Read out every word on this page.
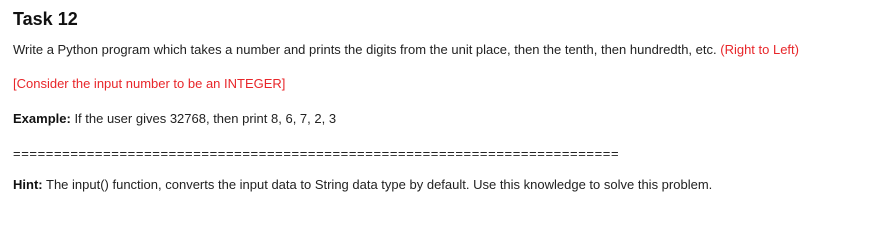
Task 12
Write a Python program which takes a number and prints the digits from the unit place, then the tenth, then hundredth, etc. (Right to Left)
[Consider the input number to be an INTEGER]
Example: If the user gives 32768, then print 8, 6, 7, 2, 3
==========================================================================
Hint: The input() function, converts the input data to String data type by default. Use this knowledge to solve this problem.
